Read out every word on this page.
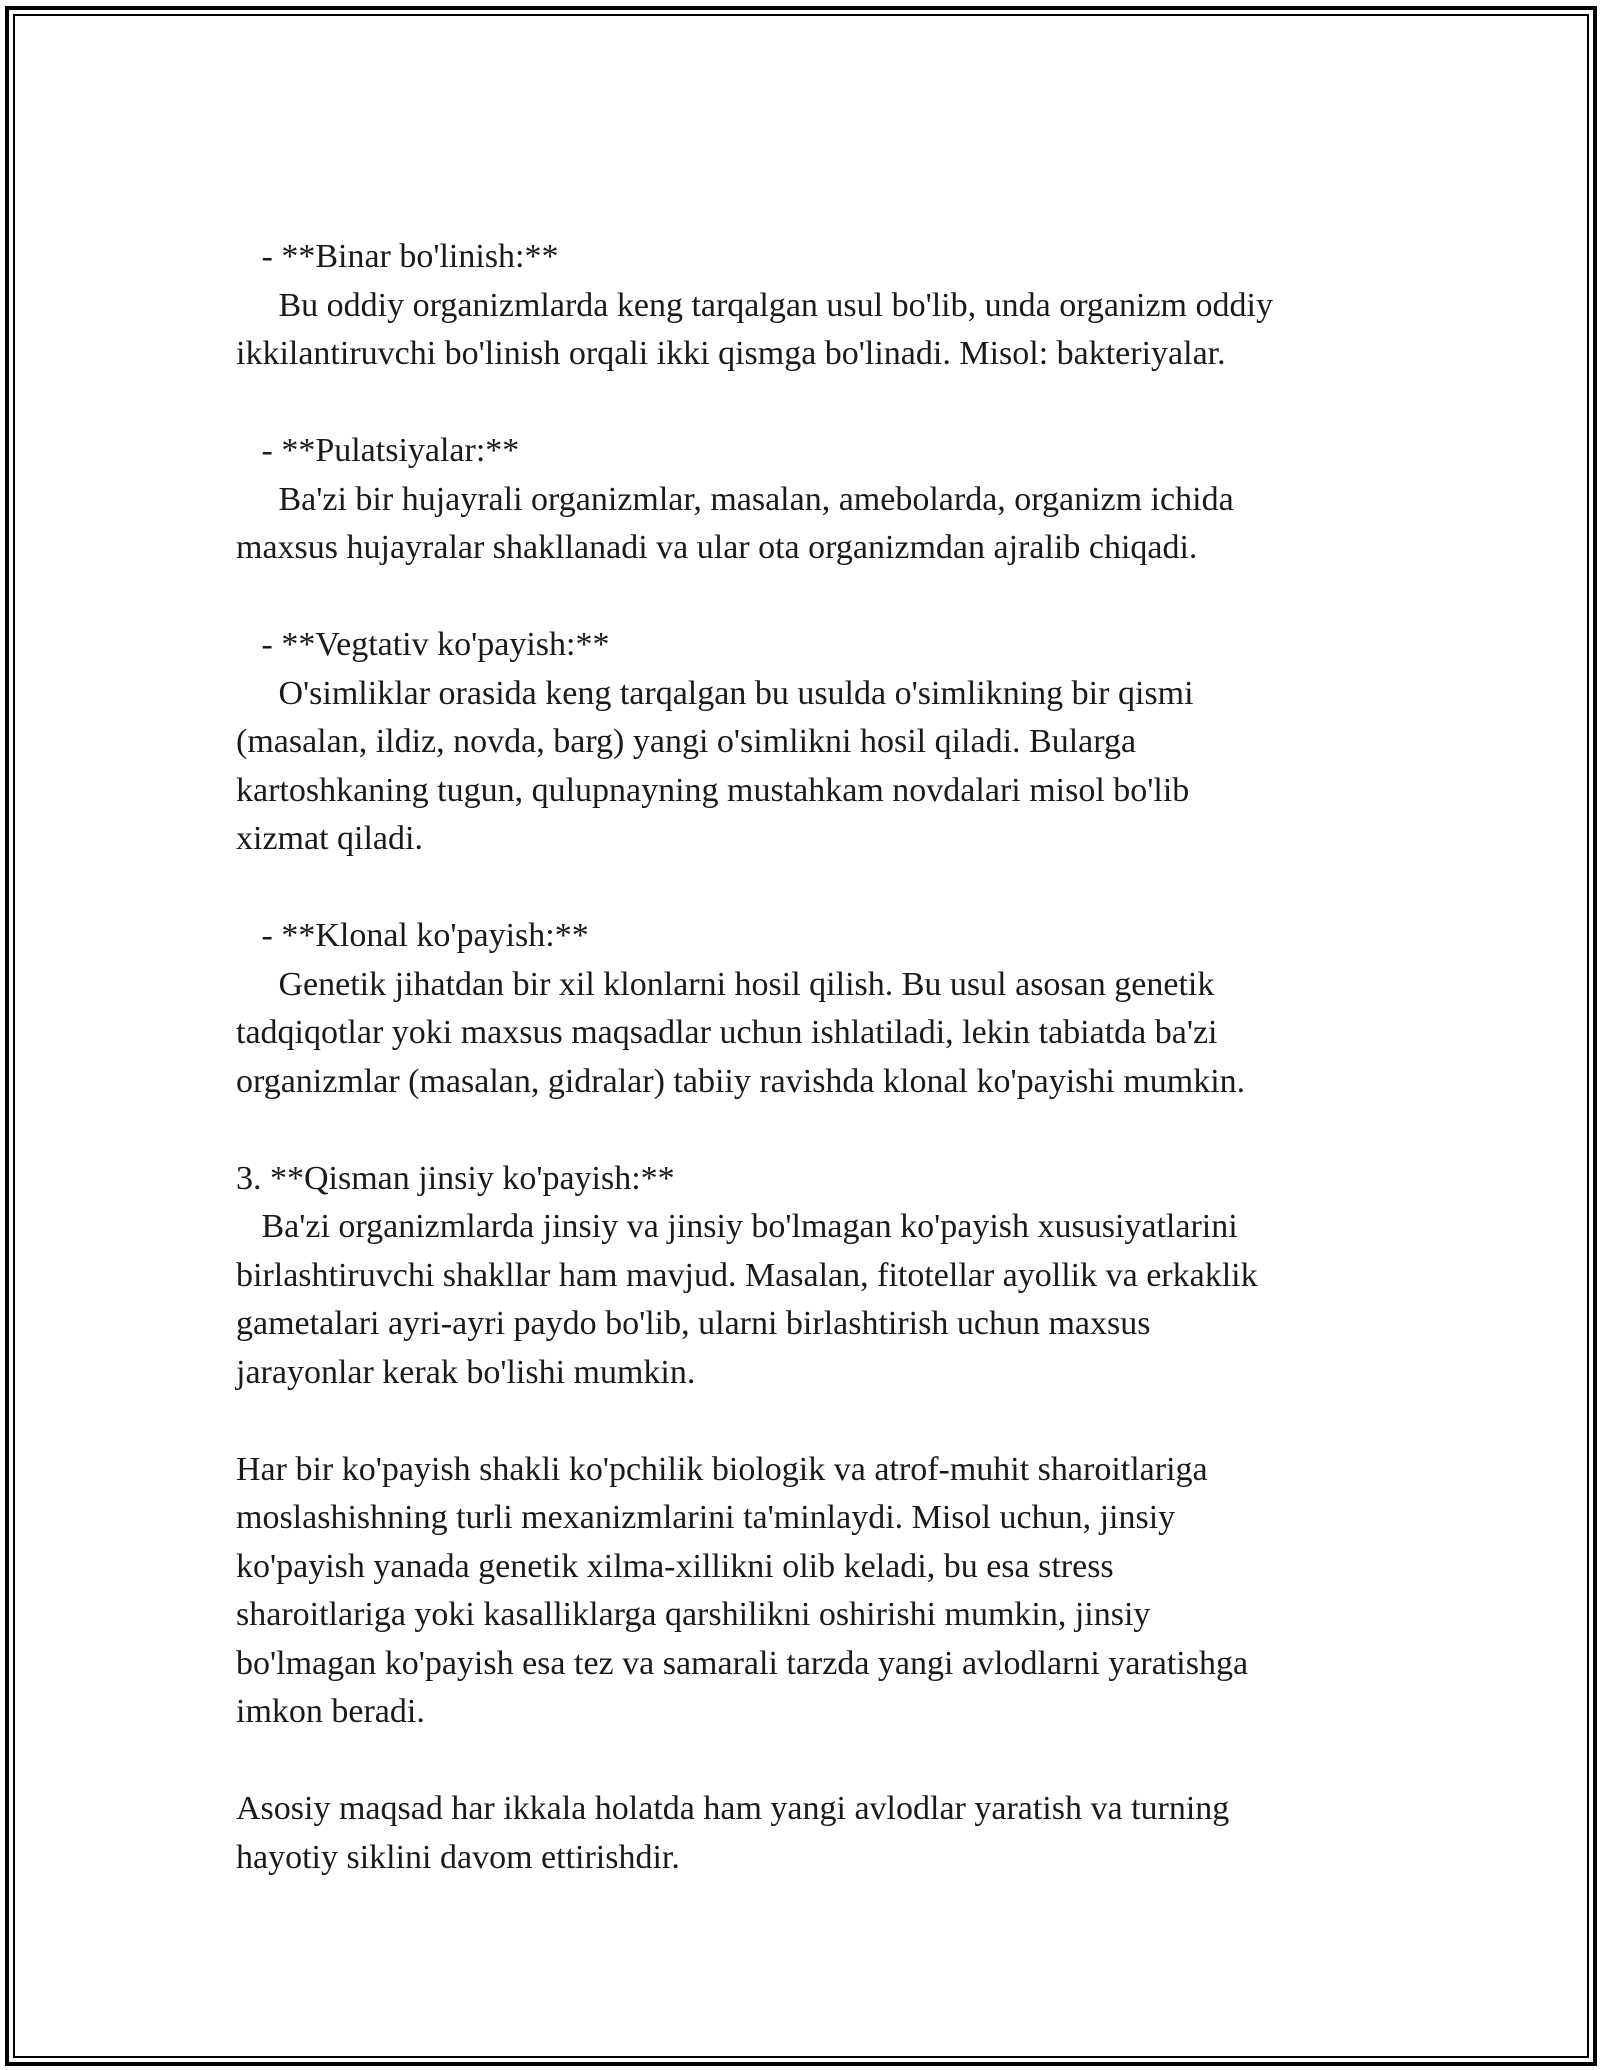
- **Binar bo'linish:**
Bu oddiy organizmlarda keng tarqalgan usul bo'lib, unda organizm oddiy
ikkilantiruvchi bo'linish orqali ikki qismga bo'linadi. Misol: bakteriyalar.
- **Pulatsiyalar:**
Ba'zi bir hujayrali organizmlar, masalan, amebolarda, organizm ichida
maxsus hujayralar shakllanadi va ular ota organizmdan ajralib chiqadi.
- **Vegtativ ko'payish:**
O'simliklar orasida keng tarqalgan bu usulda o'simlikning bir qismi
(masalan, ildiz, novda, barg) yangi o'simlikni hosil qiladi. Bularga
kartoshkaning tugun, qulupnayning mustahkam novdalari misol bo'lib
xizmat qiladi.
- **Klonal ko'payish:**
Genetik jihatdan bir xil klonlarni hosil qilish. Bu usul asosan genetik
tadqiqotlar yoki maxsus maqsadlar uchun ishlatiladi, lekin tabiatda ba'zi
organizmlar (masalan, gidralar) tabiiy ravishda klonal ko'payishi mumkin.
3. **Qisman jinsiy ko'payish:**
Ba'zi organizmlarda jinsiy va jinsiy bo'lmagan ko'payish xususiyatlarini
birlashtiruvchi shakllar ham mavjud. Masalan, fitotellar ayollik va erkaklik
gametalari ayri-ayri paydo bo'lib, ularni birlashtirish uchun maxsus
jarayonlar kerak bo'lishi mumkin.
Har bir ko'payish shakli ko'pchilik biologik va atrof-muhit sharoitlariga
moslashishning turli mexanizmlarini ta'minlaydi. Misol uchun, jinsiy
ko'payish yanada genetik xilma-xillikni olib keladi, bu esa stress
sharoitlariga yoki kasalliklarga qarshilikni oshirishi mumkin, jinsiy
bo'lmagan ko'payish esa tez va samarali tarzda yangi avlodlarni yaratishga
imkon beradi.
Asosiy maqsad har ikkala holatda ham yangi avlodlar yaratish va turning
hayotiy siklini davom ettirishdir.
